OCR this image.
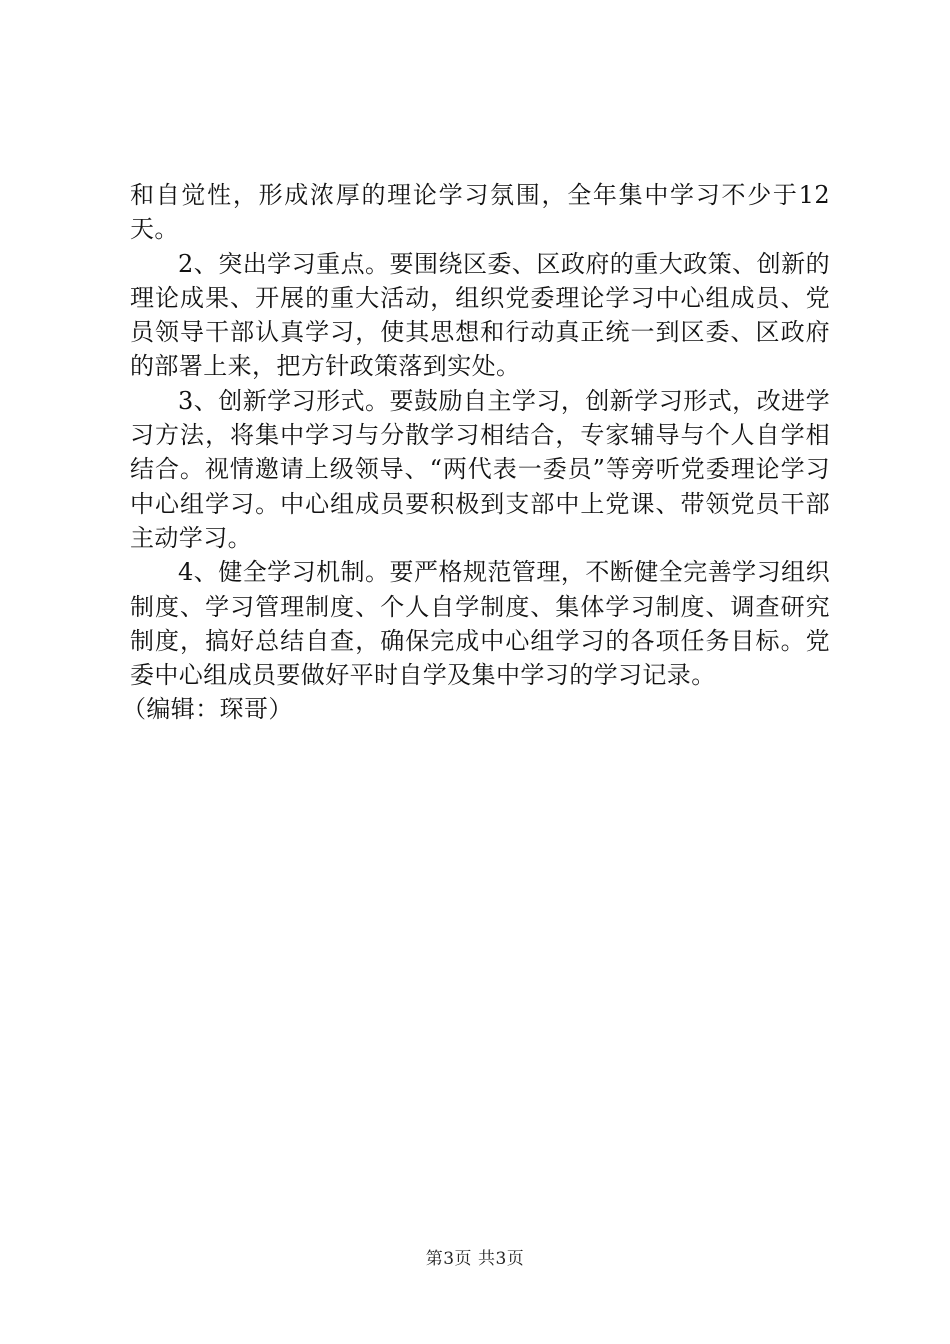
和自觉性，形成浓厚的理论学习氛围，全年集中学习不少于12天。

2、突出学习重点。要围绕区委、区政府的重大政策、创新的理论成果、开展的重大活动，组织党委理论学习中心组成员、党员领导干部认真学习，使其思想和行动真正统一到区委、区政府的部署上来，把方针政策落到实处。

3、创新学习形式。要鼓励自主学习，创新学习形式，改进学习方法，将集中学习与分散学习相结合，专家辅导与个人自学相结合。视情邀请上级领导、“两代表一委员”等旁听党委理论学习中心组学习。中心组成员要积极到支部中上党课、带领党员干部主动学习。

4、健全学习机制。要严格规范管理，不断健全完善学习组织制度、学习管理制度、个人自学制度、集体学习制度、调查研究制度，搞好总结自查，确保完成中心组学习的各项任务目标。党委中心组成员要做好平时自学及集中学习的学习记录。

（编辑：琛哥）

第3页 共3页
